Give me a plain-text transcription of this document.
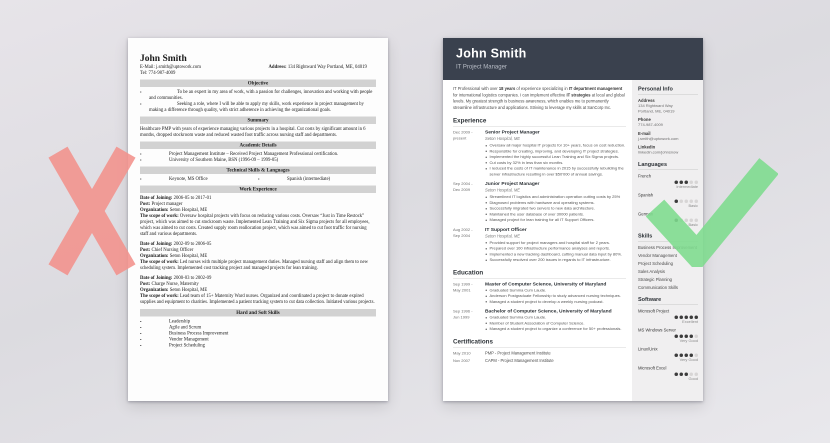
John Smith
E-Mail: j.smith@uptowork.com
Tel: 774-987-4009
Address: 134 Rightward Way Portland, ME, 04019
Objective
•	To be an expert in my area of work, with a passion for challenges, innovation and working with people and communities.
•	Seeking a role, where I will be able to apply my skills, work experience in project management by making a difference through quality, with strict adherence in achieving the organizational goals.
Summary
Healthcare PMP with years of experience managing various projects in a hospital. Cut costs by significant amount in 6 months, dropped stockroom waste and reduced wasted foot traffic across nursing staff and departments.
Academic Details
•	Project Management Institute – Received Project Management Professional certification.
•	University of Southern Maine, BSN (1996-09 – 1999-05)
Technical Skills & Languages
•	Keynote, MS Office	•	Spanish (intermediate)
Work Experience
Date of Joining: 2006-05 to 2017-01
Post: Project manager
Organization: Seton Hospital, ME
The scope of work: Oversaw hospital projects with focus on reducing various costs. Oversaw “Just in Time Restock” project, which was aimed to cut stockroom waste. Implemented Lean Training and Six Sigma projects for all employees, which was aimed to cut costs. Created supply room reallocation project, which was aimed to cut foot traffic for nursing staff and various departments.
Date of Joining: 2002-09 to 2006-05
Post: Chief Nursing Officer
Organization: Seton Hospital, ME
The scope of work: Led nurses with multiple project management duties. Managed nursing staff and align them to new scheduling system. Implemented cost tracking project and managed projects for lean training.
Date of Joining: 2000-03 to 2002-09
Post: Charge Nurse, Maternity
Organization: Seton Hospital, ME
The scope of work: Lead team of 15+ Maternity Ward nurses. Organized and coordinated a project to donate expired supplies and equipment to charities. Implemented a patient tracking system to cut data collection. Initiated various projects.
Hard and Soft Skills
•	Leadership
•	Agile and Scrum
•	Business Process Improvement
•	Vendor Management
•	Project Scheduling
John Smith
IT Project Manager

IT Professional with over 18 years of experience specializing in IT department management for international logistics companies. I can implement effective IT strategies at local and global levels. My greatest strength is business awareness, which enables me to permanently streamline infrastructure and applications. Striving to leverage my skills at SanCorp Inc.

Experience
Dec 2009 -
present
Senior Project Manager
Seton Hospital, ME
Oversaw all major hospital IT projects for 10+ years, focus on cost reduction.
Responsible for creating, improving, and developing IT project strategies.
Implemented the highly successful Lean Training and Six Sigma projects.
Cut costs by 32% in less than six months.
I reduced the costs of IT maintenance in 2015 by successfully rebuilding the server infrastructure resulting in over $50'000 of annual savings.
Sep 2004 -
Dec 2009
Junior Project Manager
Seton Hospital, ME
Streamlined IT logistics and administration operation cutting costs by 25%
Diagnosed problems with hardware and operating systems.
Successfully migrated two servers to new data architecture.
Maintained the user database of over 30000 patients.
Managed project for lean training for all IT Support Officers.
Aug 2002 -
Sep 2004
IT Support Officer
Seton Hospital, ME
Provided support for project managers and hospital staff for 2 years.
Prepared over 100 infrastructure performance analyses and reports.
Implemented a new tracking dashboard, cutting manual data input by 80%.
Successfully resolved over 200 issues in regards to IT infrastructure.
Education
Sep 1999 -
May 2001
Master of Computer Science, University of Maryland
Graduated Summa Cum Laude.
Anderson Postgraduate Fellowship to study advanced nursing techniques.
Managed a student project to develop a weekly nursing podcast.
Sep 1996 -
Jun 1999
Bachelor of Computer Science, University of Maryland
Graduated Summa Cum Laude.
Member of Student Association of Computer Science.
Managed a student project to organize a conference for 50+ professionals.
Certifications
May 2010	PMP - Project Management Institute
Nov 2007	CAPM - Project Management Institute
Personal Info
Address
134 Rightward Way
Portland, ME, 04019
Phone
774-987-4009
E-mail
j.smith@uptowork.com
LinkedIn
linkedin.com/johnsnow
Languages
French
Intermediate
Spanish
Basic
German
Basic
Skills
Business Process Improvement
Vendor Management
Project Scheduling
Sales Analysis
Strategic Planning
Communication Skills
Software
Microsoft Project
Excellent
MS Windows Server
Very Good
Linux/Unix
Very Good
Microsoft Excel
Good
